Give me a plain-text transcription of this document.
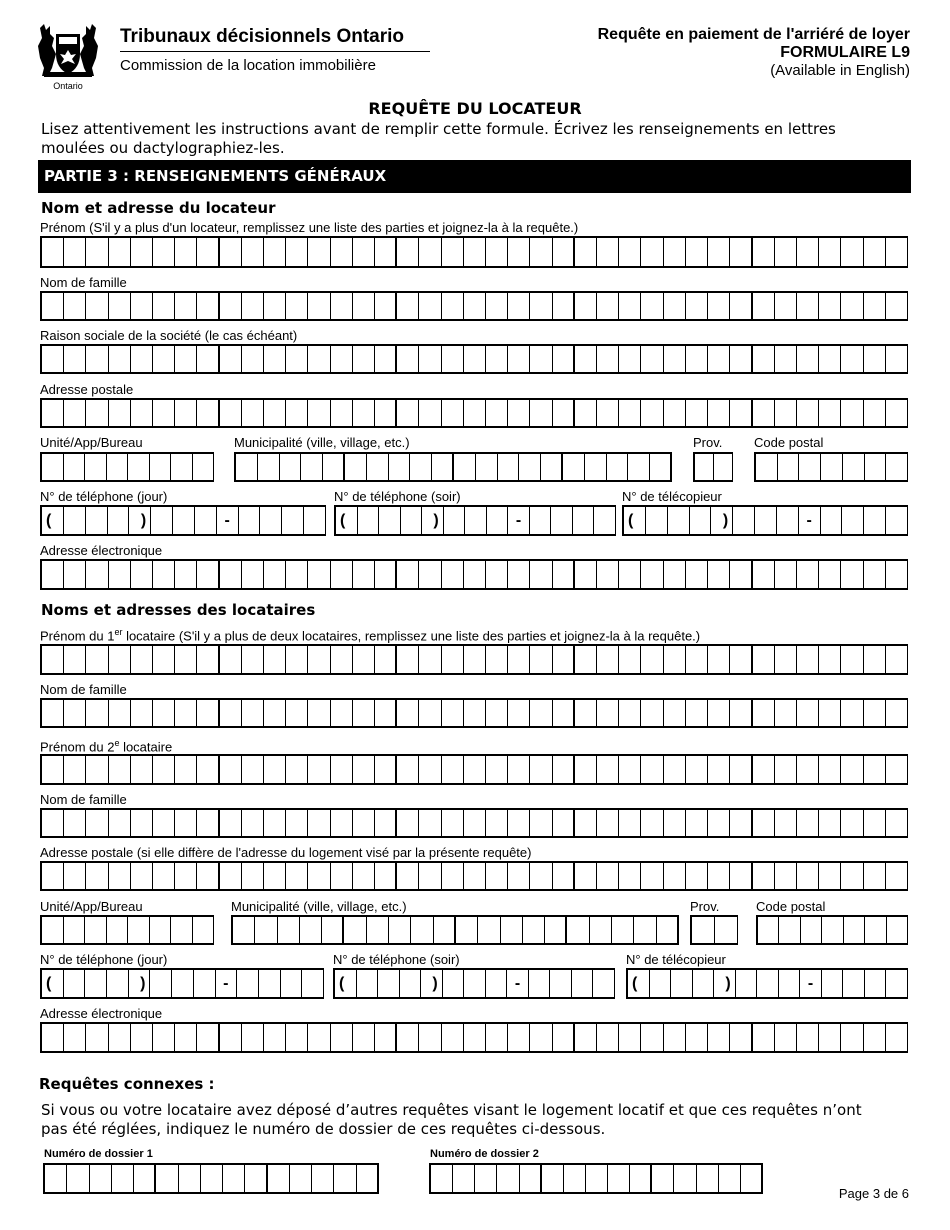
Ontario
Tribunaux décisionnels Ontario
Commission de la location immobilière
Requête en paiement de l'arriéré de loyer
FORMULAIRE L9
(Available in English)
REQUÊTE DU LOCATEUR
Lisez attentivement les instructions avant de remplir cette formule. Écrivez les renseignements en lettres moulées ou dactylographiez-les.
PARTIE 3 : RENSEIGNEMENTS GÉNÉRAUX
Nom et adresse du locateur
Prénom (S'il y a plus d'un locateur, remplissez une liste des parties et joignez-la à la requête.)
Nom de famille
Raison sociale de la société (le cas échéant)
Adresse postale
Unité/App/Bureau	Municipalité (ville, village, etc.)	Prov. Code postal
N° de téléphone (jour)	N° de téléphone (soir)	N° de télécopieur
(	)	-	(	)	-	(	)	-
Adresse électronique
Noms et adresses des locataires
Prénom du 1er locataire (S'il y a plus de deux locataires, remplissez une liste des parties et joignez-la à la requête.)
Nom de famille
Prénom du 2e locataire
Nom de famille
Adresse postale (si elle diffère de l'adresse du logement visé par la présente requête)
Unité/App/Bureau	Municipalité (ville, village, etc.)	Prov.	Code postal
N° de téléphone (jour)	N° de téléphone (soir)	N° de télécopieur
(	)	-	(	)	-	(	)	-
Adresse électronique
Requêtes connexes :
Si vous ou votre locataire avez déposé d’autres requêtes visant le logement locatif et que ces requêtes n’ont pas été réglées, indiquez le numéro de dossier de ces requêtes ci-dessous.
Numéro de dossier 1	Numéro de dossier 2
Page 3 de 6
